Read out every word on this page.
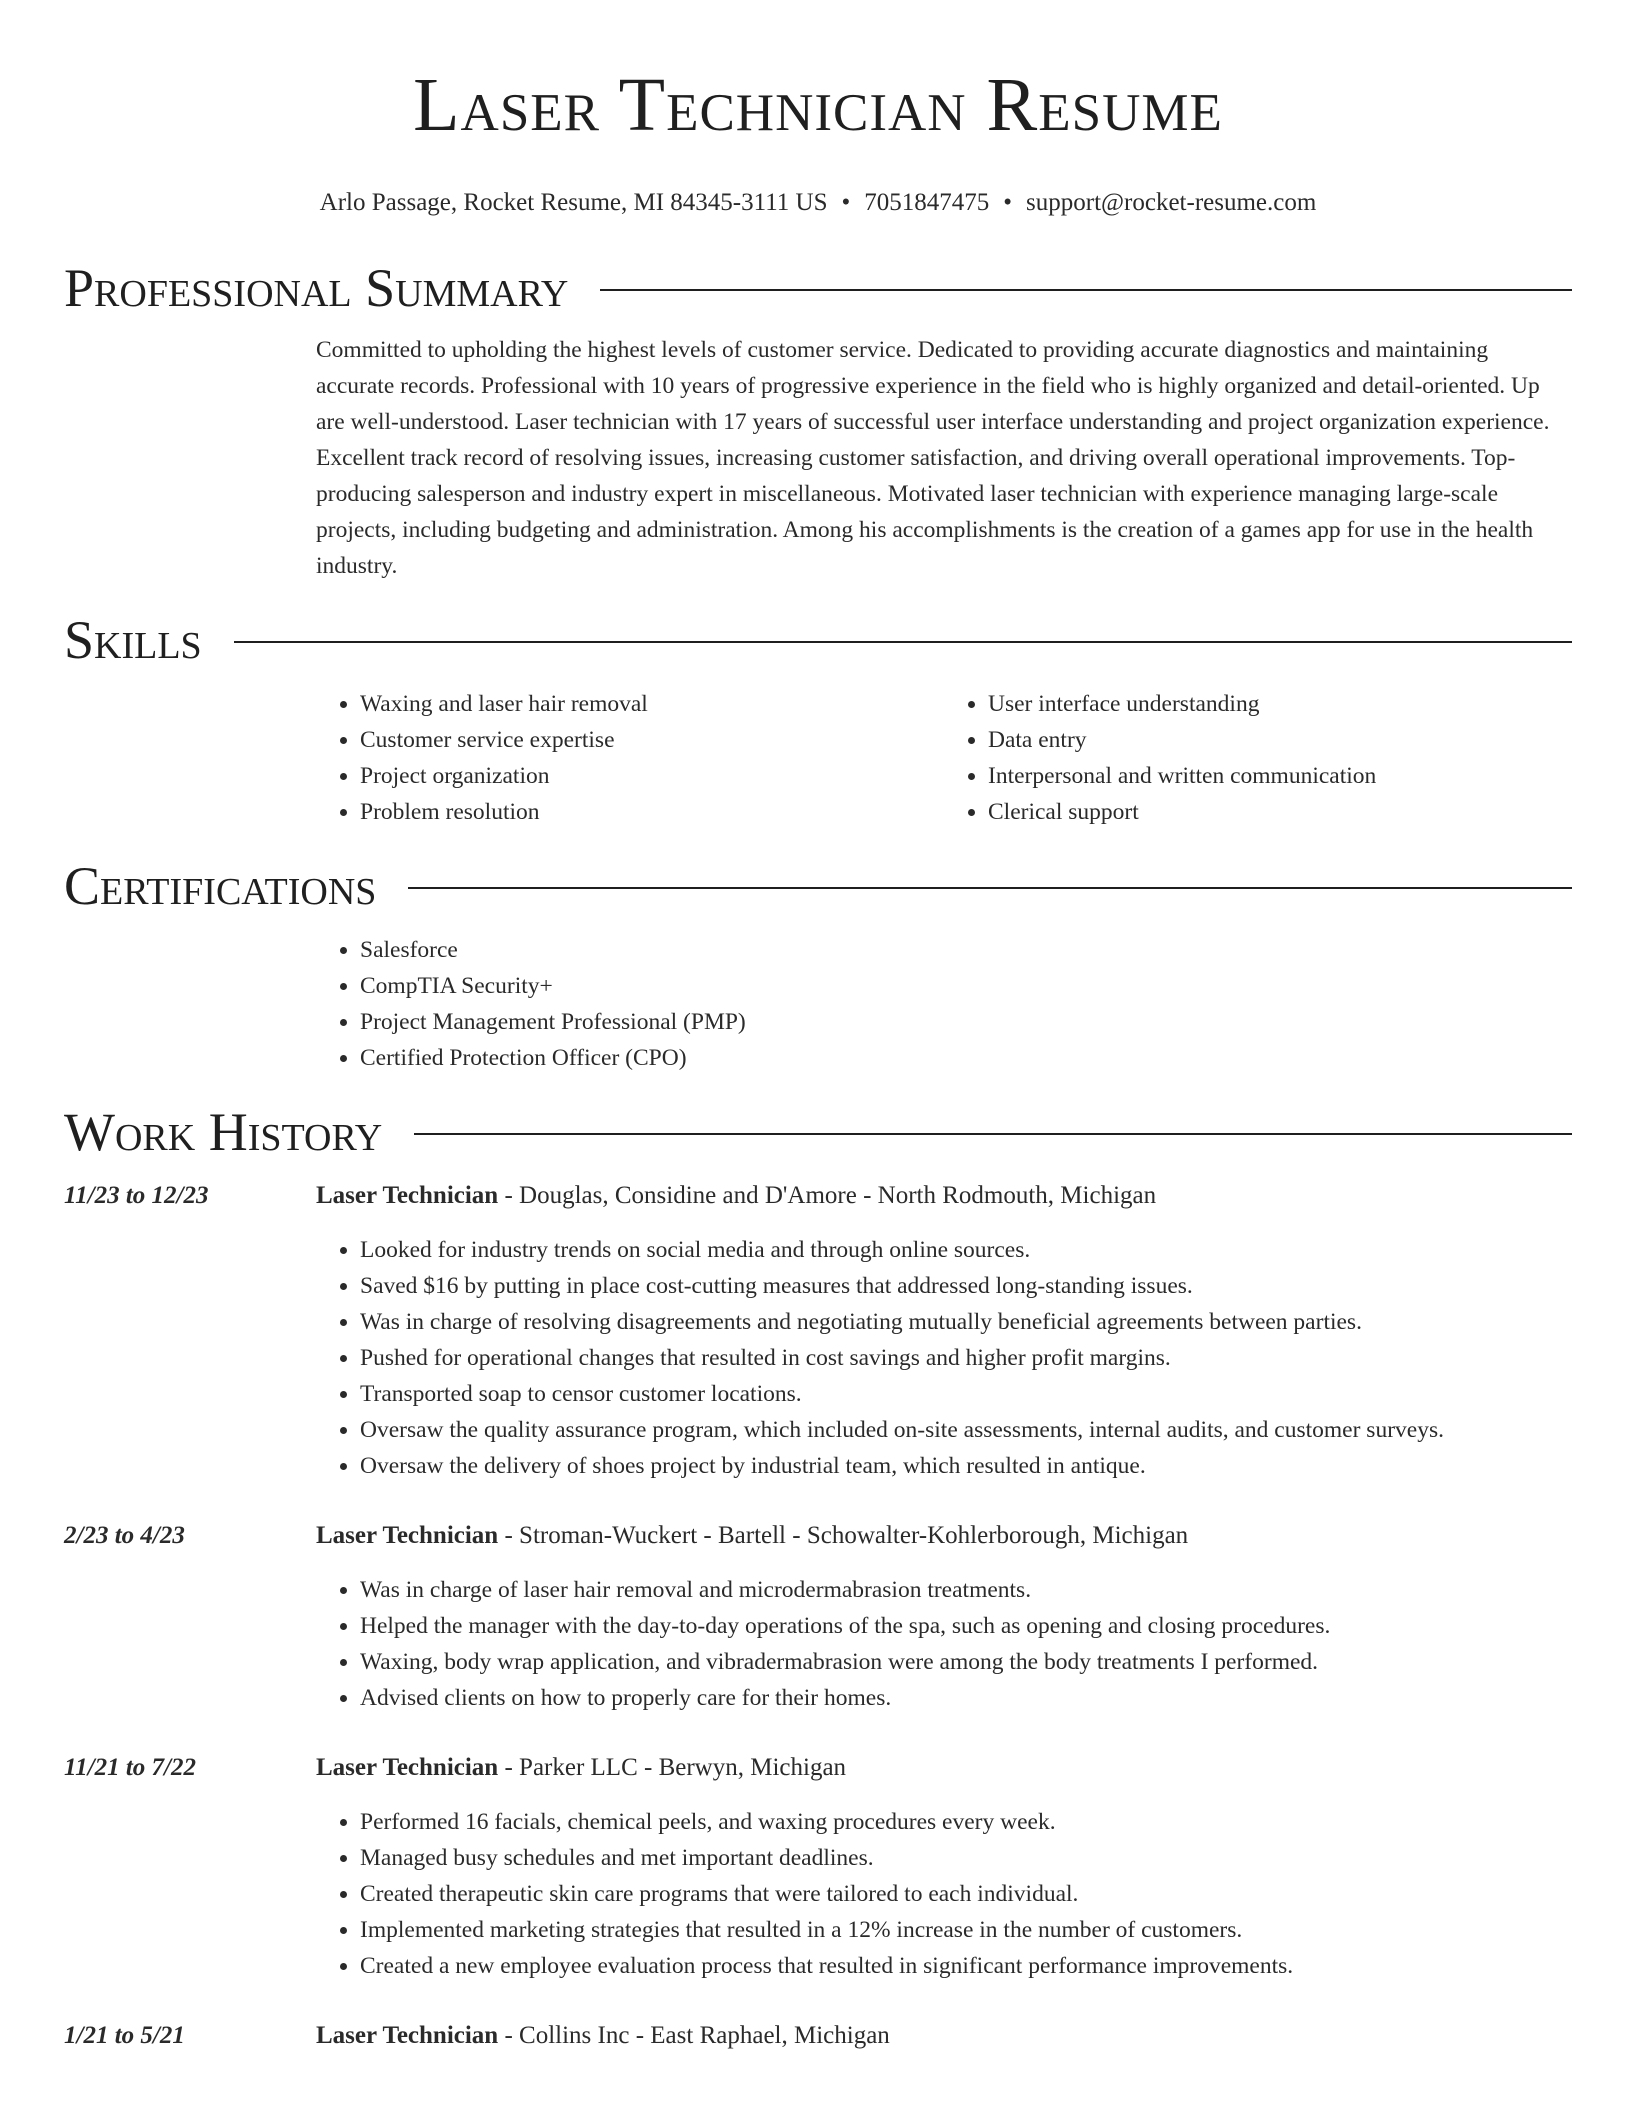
Laser Technician Resume
Arlo Passage, Rocket Resume, MI 84345-3111 US • 7051847475 • support@rocket-resume.com
Professional Summary

Committed to upholding the highest levels of customer service. Dedicated to providing accurate diagnostics and maintaining accurate records. Professional with 10 years of progressive experience in the field who is highly organized and detail-oriented. Up are well-understood. Laser technician with 17 years of successful user interface understanding and project organization experience. Excellent track record of resolving issues, increasing customer satisfaction, and driving overall operational improvements. Top-producing salesperson and industry expert in miscellaneous. Motivated laser technician with experience managing large-scale projects, including budgeting and administration. Among his accomplishments is the creation of a games app for use in the health industry.

Skills
• Waxing and laser hair removal
• Customer service expertise
• Project organization
• Problem resolution
• User interface understanding
• Data entry
• Interpersonal and written communication
• Clerical support
Certifications
• Salesforce
• CompTIA Security+
• Project Management Professional (PMP)
• Certified Protection Officer (CPO)
Work History
11/23 to 12/23	Laser Technician - Douglas, Considine and D'Amore - North Rodmouth, Michigan
• Looked for industry trends on social media and through online sources.
• Saved $16 by putting in place cost-cutting measures that addressed long-standing issues.
• Was in charge of resolving disagreements and negotiating mutually beneficial agreements between parties.
• Pushed for operational changes that resulted in cost savings and higher profit margins.
• Transported soap to censor customer locations.
• Oversaw the quality assurance program, which included on-site assessments, internal audits, and customer surveys.
• Oversaw the delivery of shoes project by industrial team, which resulted in antique.
2/23 to 4/23	Laser Technician - Stroman-Wuckert - Bartell - Schowalter-Kohlerborough, Michigan
• Was in charge of laser hair removal and microdermabrasion treatments.
• Helped the manager with the day-to-day operations of the spa, such as opening and closing procedures.
• Waxing, body wrap application, and vibradermabrasion were among the body treatments I performed.
• Advised clients on how to properly care for their homes.
11/21 to 7/22	Laser Technician - Parker LLC - Berwyn, Michigan
• Performed 16 facials, chemical peels, and waxing procedures every week.
• Managed busy schedules and met important deadlines.
• Created therapeutic skin care programs that were tailored to each individual.
• Implemented marketing strategies that resulted in a 12% increase in the number of customers.
• Created a new employee evaluation process that resulted in significant performance improvements.
1/21 to 5/21	Laser Technician - Collins Inc - East Raphael, Michigan
